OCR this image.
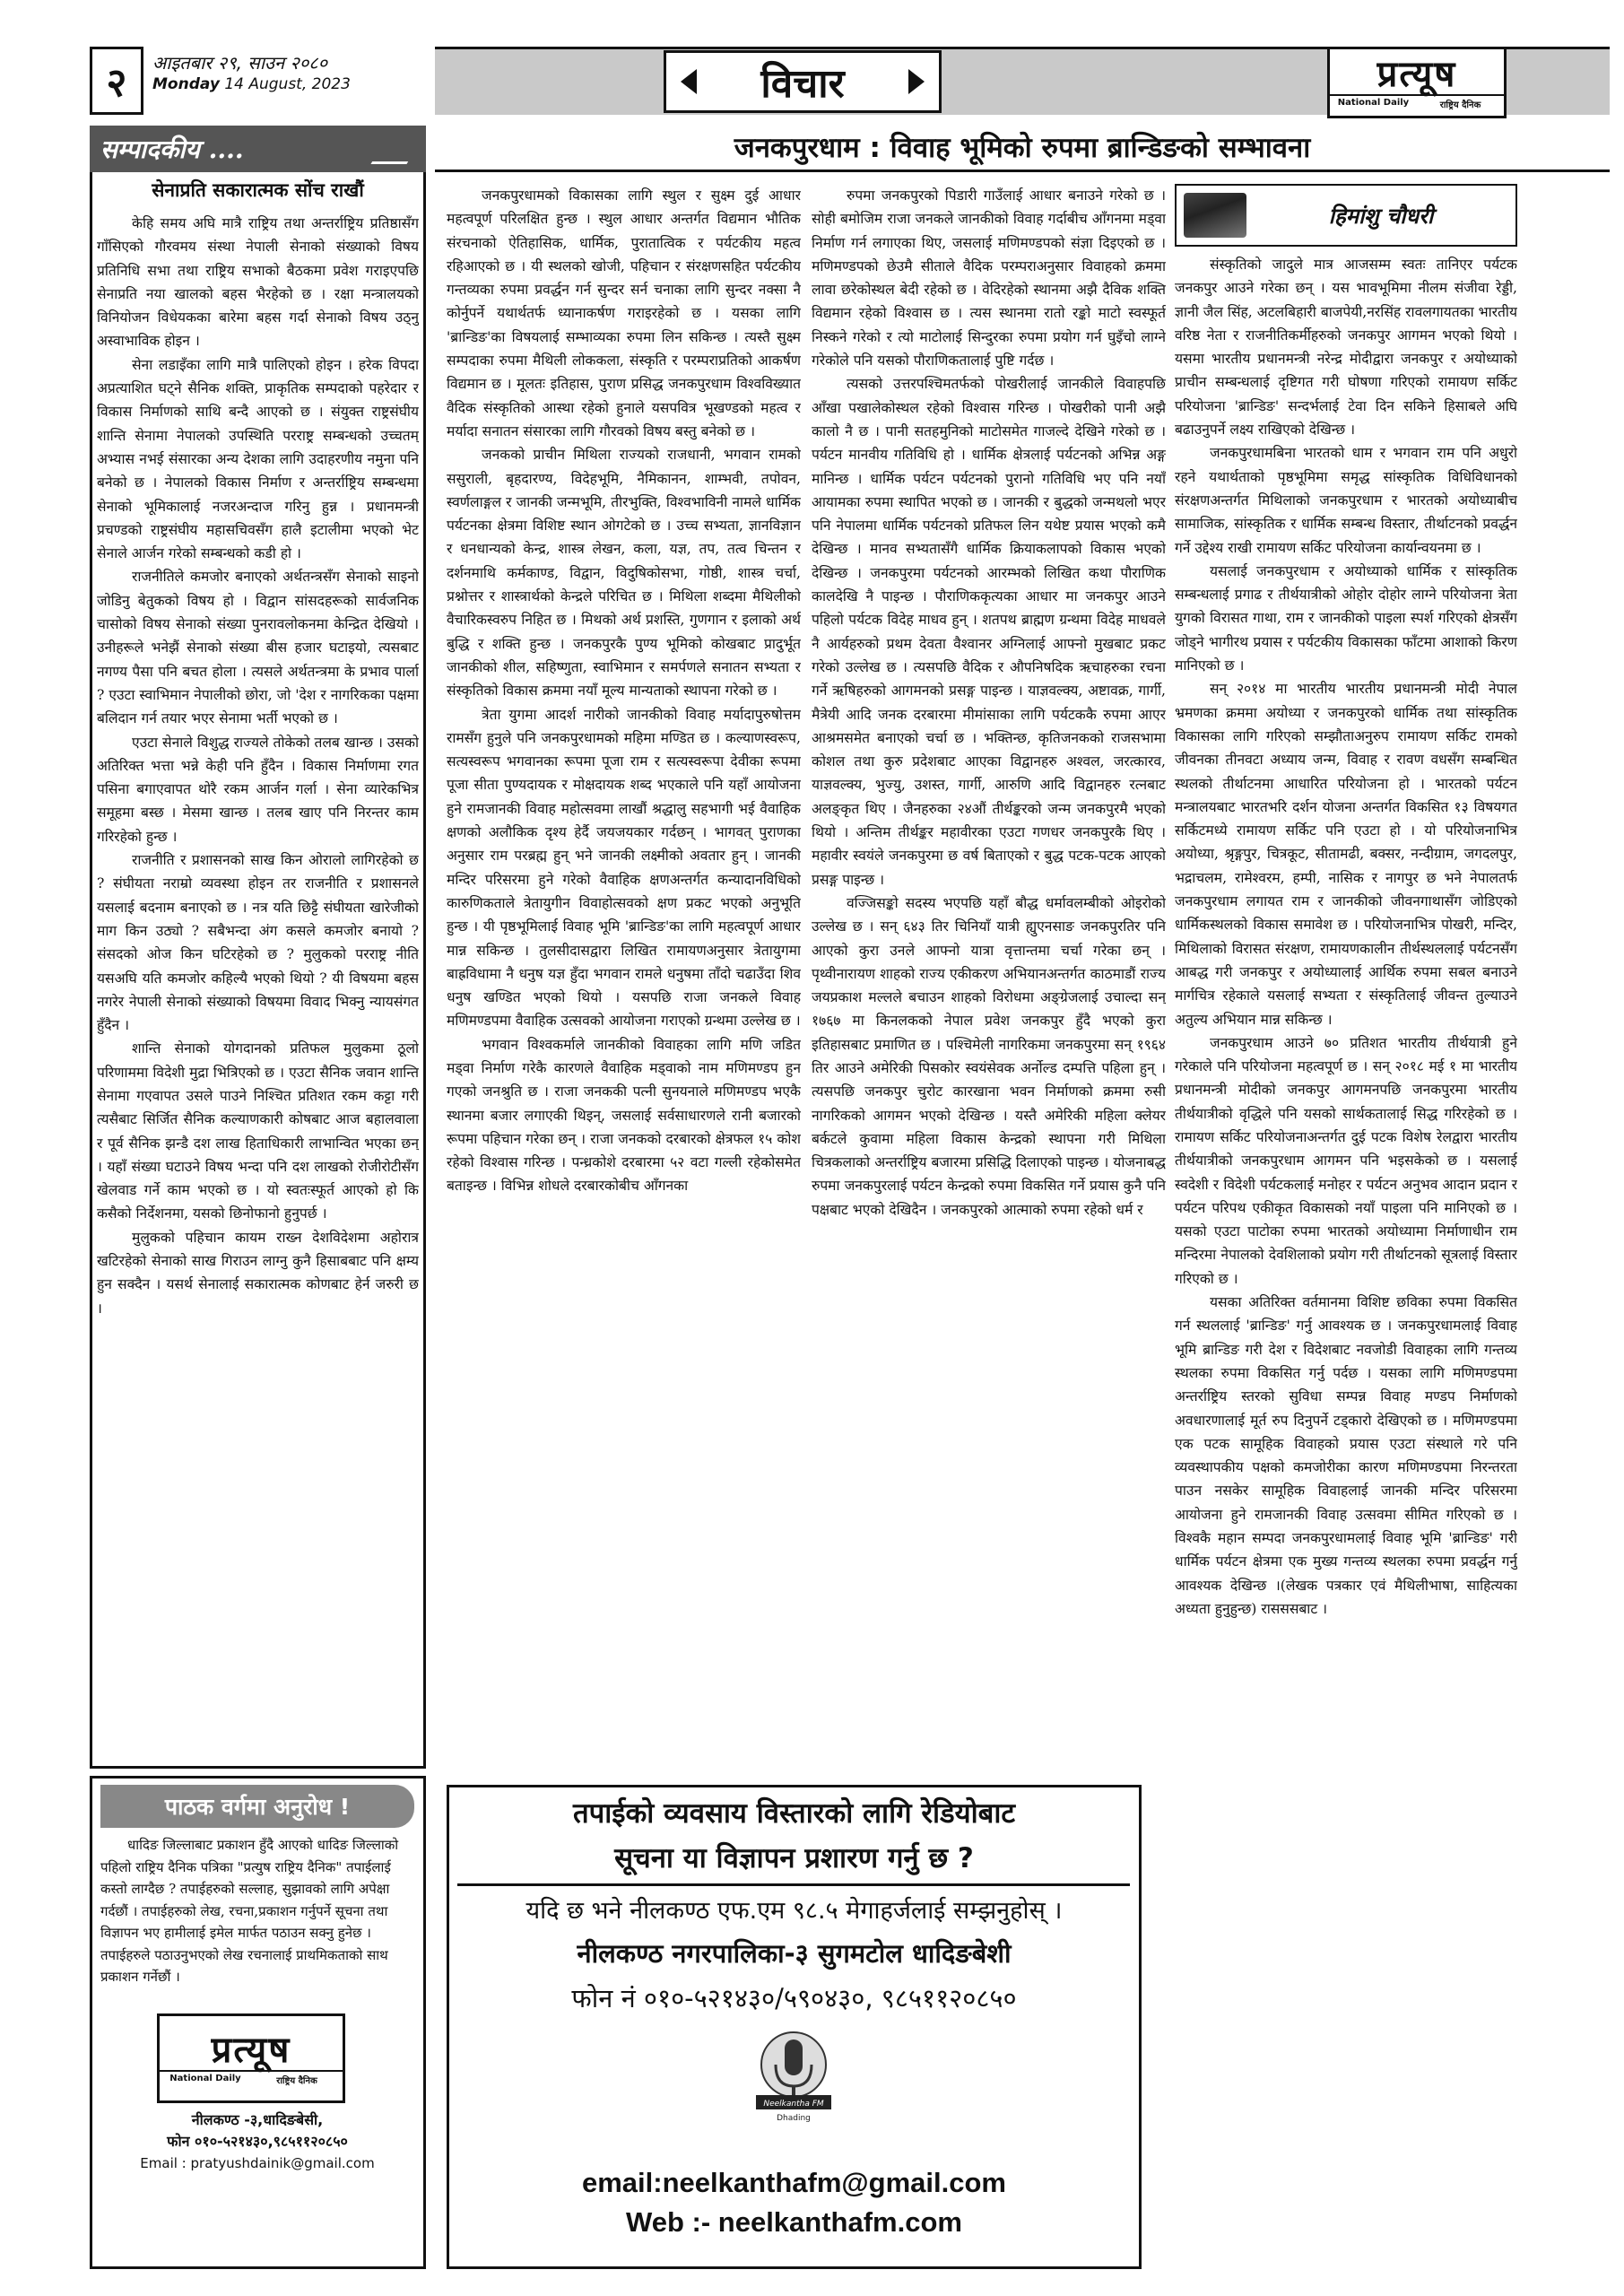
२	आइतबार २९, साउन २०८०
Monday 14 August, 2023	विचार	प्रत्यूष
National Daily	राष्ट्रिय दैनिक
सम्पादकीय ....
सेनाप्रति सकारात्मक सोंच राखौं

केहि समय अघि मात्रै राष्ट्रिय तथा अन्तर्राष्ट्रिय प्रतिष्ठासँग गाँसिएको गौरवमय संस्था नेपाली सेनाको संख्याको विषय प्रतिनिधि सभा तथा राष्ट्रिय सभाको बैठकमा प्रवेश गराइएपछि सेनाप्रति नया खालको बहस भैरहेको छ । रक्षा मन्त्रालयको विनियोजन विधेयकका बारेमा बहस गर्दा सेनाको विषय उठ्नु अस्वाभाविक होइन ।

सेना लडाइँका लागि मात्रै पालिएको होइन । हरेक विपदा अप्रत्याशित घट्ने सैनिक शक्ति, प्राकृतिक सम्पदाको पहरेदार र विकास निर्माणको साथि बन्दै आएको छ । संयुक्त राष्ट्रसंघीय शान्ति सेनामा नेपालको उपस्थिति परराष्ट्र सम्बन्धको उच्चतम् अभ्यास नभई संसारका अन्य देशका लागि उदाहरणीय नमुना पनि बनेको छ । नेपालको विकास निर्माण र अन्तर्राष्ट्रिय सम्बन्धमा सेनाको भूमिकालाई नजरअन्दाज गरिनु हुन्न । प्रधानमन्त्री प्रचण्डको राष्ट्रसंघीय महासचिवसँग हालै इटालीमा भएको भेट सेनाले आर्जन गरेको सम्बन्धको कडी हो ।

राजनीतिले कमजोर बनाएको अर्थतन्त्रसँग सेनाको साइनो जोडिनु बेतुकको विषय हो । विद्वान सांसदहरूको सार्वजनिक चासोको विषय सेनाको संख्या पुनरावलोकनमा केन्द्रित देखियो । उनीहरूले भनेझैं सेनाको संख्या बीस हजार घटाइयो, त्यसबाट नगण्य पैसा पनि बचत होला । त्यसले अर्थतन्त्रमा के प्रभाव पार्ला ? एउटा स्वाभिमान नेपालीको छोरा, जो 'देश र नागरिकका पक्षमा बलिदान गर्न तयार भएर सेनामा भर्ती भएको छ ।

एउटा सेनाले विशुद्ध राज्यले तोकेको तलब खान्छ । उसको अतिरिक्त भत्ता भन्ने केही पनि हुँदैन । विकास निर्माणमा रगत पसिना बगाएवापत थोरै रकम आर्जन गर्ला । सेना व्यारेकभित्र समूहमा बस्छ । मेसमा खान्छ । तलब खाए पनि निरन्तर काम गरिरहेको हुन्छ ।

राजनीति र प्रशासनको साख किन ओरालो लागिरहेको छ ? संघीयता नराम्रो व्यवस्था होइन तर राजनीति र प्रशासनले यसलाई बदनाम बनाएको छ । नत्र यति छिट्टै संघीयता खारेजीको माग किन उठ्यो ? सबैभन्दा अंग कसले कमजोर बनायो ? संसदको ओज किन घटिरहेको छ ? मुलुकको परराष्ट्र नीति यसअघि यति कमजोर कहिल्यै भएको थियो ? यी विषयमा बहस नगरेर नेपाली सेनाको संख्याको विषयमा विवाद भिक्नु न्यायसंगत हुँदैन ।

शान्ति सेनाको योगदानको प्रतिफल मुलुकमा ठूलो परिणाममा विदेशी मुद्रा भित्रिएको छ । एउटा सैनिक जवान शान्ति सेनामा गएवापत उसले पाउने निश्चित प्रतिशत रकम कट्टा गरी त्यसैबाट सिर्जित सैनिक कल्याणकारी कोषबाट आज बहालवाला र पूर्व सैनिक झन्डै दश लाख हिताधिकारी लाभान्वित भएका छन् । यहाँ संख्या घटाउने विषय भन्दा पनि दश लाखको रोजीरोटीसँग खेलवाड गर्ने काम भएको छ । यो स्वतःस्फूर्त आएको हो कि कसैको निर्देशनमा, यसको छिनोफानो हुनुपर्छ ।

मुलुकको पहिचान कायम राख्न देशविदेशमा अहोरात्र खटिरहेको सेनाको साख गिराउन लाग्नु कुनै हिसाबबाट पनि क्षम्य हुन सक्दैन । यसर्थ सेनालाई सकारात्मक कोणबाट हेर्न जरुरी छ ।

पाठक वर्गमा अनुरोध !

धादिङ जिल्लाबाट प्रकाशन हुँदै आएको धादिङ जिल्लाको पहिलो राष्ट्रिय दैनिक पत्रिका "प्रत्युष राष्ट्रिय दैनिक" तपाईलाई कस्तो लाग्दैछ ? तपाईहरुको सल्लाह, सुझावको लागि अपेक्षा गर्दछौं । तपाईहरुको लेख, रचना,प्रकाशन गर्नुपर्ने सूचना तथा विज्ञापन भए हामीलाई इमेल मार्फत पठाउन सक्नु हुनेछ । तपाईहरुले पठाउनुभएको लेख रचनालाई प्राथमिकताको साथ प्रकाशन गर्नेछौं ।

प्रत्यूष
National Daily	राष्ट्रिय दैनिक
नीलकण्ठ -३,धादिङबेसी,
फोन ०१०-५२१४३०,९८५११२०८५०
Email : pratyushdainik@gmail.com
जनकपुरधाम : विवाह भूमिको रुपमा ब्रान्डिङको सम्भावना

जनकपुरधामको विकासका लागि स्थुल र सुक्ष्म दुई आधार महत्वपूर्ण परिलक्षित हुन्छ । स्थुल आधार अन्तर्गत विद्यमान भौतिक संरचनाको ऐतिहासिक, धार्मिक, पुरातात्विक र पर्यटकीय महत्व रहिआएको छ । यी स्थलको खोजी, पहिचान र संरक्षणसहित पर्यटकीय गन्तव्यका रुपमा प्रवर्द्धन गर्न सुन्दर सर्न चनाका लागि सुन्दर नक्सा नै कोर्नुपर्ने यथार्थतर्फ ध्यानाकर्षण गराइरहेको छ । यसका लागि 'ब्रान्डिङ'का विषयलाई सम्भाव्यका रुपमा लिन सकिन्छ । त्यस्तै सुक्ष्म सम्पदाका रुपमा मैथिली लोककला, संस्कृति र परम्पराप्रतिको आकर्षण विद्यमान छ । मूलतः इतिहास, पुराण प्रसिद्ध जनकपुरधाम विश्वविख्यात वैदिक संस्कृतिको आस्था रहेको हुनाले यसपवित्र भूखण्डको महत्व र मर्यादा सनातन संसारका लागि गौरवको विषय बस्तु बनेको छ ।

जनकको प्राचीन मिथिला राज्यको राजधानी, भगवान रामको ससुराली, बृहदारण्य, विदेहभूमि, नैमिकानन, शाम्भवी, तपोवन, स्वर्णलाङ्गल र जानकी जन्मभूमि, तीरभुक्ति, विश्वभाविनी नामले धार्मिक पर्यटनका क्षेत्रमा विशिष्ट स्थान ओगटेको छ । उच्च सभ्यता, ज्ञानविज्ञान र धनधान्यको केन्द्र, शास्त्र लेखन, कला, यज्ञ, तप, तत्व चिन्तन र दर्शनमाथि कर्मकाण्ड, विद्वान, विदुषिकोसभा, गोष्ठी, शास्त्र चर्चा, प्रश्नोत्तर र शास्त्रार्थको केन्द्रले परिचित छ । मिथिला शब्दमा मैथिलीको वैचारिकस्वरुप निहित छ । मिथको अर्थ प्रशस्ति, गुणगान र इलाको अर्थ बुद्धि र शक्ति हुन्छ । जनकपुरकै पुण्य भूमिको कोखबाट प्रादुर्भूत जानकीको शील, सहिष्णुता, स्वाभिमान र समर्पणले सनातन सभ्यता र संस्कृतिको विकास क्रममा नयाँ मूल्य मान्यताको स्थापना गरेको छ ।

त्रेता युगमा आदर्श नारीको जानकीको विवाह मर्यादापुरुषोत्तम रामसँग हुनुले पनि जनकपुरधामको महिमा मण्डित छ । कल्याणस्वरूप, सत्यस्वरूप भगवानका रूपमा पूजा राम र सत्यस्वरूपा देवीका रूपमा पूजा सीता पुण्यदायक र मोक्षदायक शब्द भएकाले पनि यहाँ आयोजना हुने रामजानकी विवाह महोत्सवमा लाखौं श्रद्धालु सहभागी भई वैवाहिक क्षणको अलौकिक दृश्य हेर्दै जयजयकार गर्दछन् । भागवत् पुराणका अनुसार राम परब्रह्म हुन् भने जानकी लक्ष्मीको अवतार हुन् । जानकी मन्दिर परिसरमा हुने गरेको वैवाहिक क्षणअन्तर्गत कन्यादानविधिको कारुणिकताले त्रेतायुगीन विवाहोत्सवको क्षण प्रकट भएको अनुभूति हुन्छ । यी पृष्ठभूमिलाई विवाह भूमि 'ब्रान्डिङ'का लागि महत्वपूर्ण आधार मान्न सकिन्छ । तुलसीदासद्वारा लिखित रामायणअनुसार त्रेतायुगमा बाह्रविधामा नै धनुष यज्ञ हुँदा भगवान रामले धनुषमा ताँदो चढाउँदा शिव धनुष खण्डित भएको थियो । यसपछि राजा जनकले विवाह मणिमण्डपमा वैवाहिक उत्सवको आयोजना गराएको ग्रन्थमा उल्लेख छ ।

भगवान विश्वकर्माले जानकीको विवाहका लागि मणि जडित मड्वा निर्माण गरेकै कारणले वैवाहिक मड्वाको नाम मणिमण्डप हुन गएको जनश्रुति छ । राजा जनककी पत्नी सुनयनाले मणिमण्डप भएकै स्थानमा बजार लगाएकी थिइन्, जसलाई सर्वसाधारणले रानी बजारको रूपमा पहिचान गरेका छन् । राजा जनकको दरबारको क्षेत्रफल १५ कोश रहेको विश्वास गरिन्छ । पन्ध्रकोशे दरबारमा ५२ वटा गल्ली रहेकोसमेत बताइन्छ । विभिन्न शोधले दरबारकोबीच आँगनका

रुपमा जनकपुरको पिडारी गाउँलाई आधार बनाउने गरेको छ । सोही बमोजिम राजा जनकले जानकीको विवाह गर्दाबीच आँगनमा मड्वा निर्माण गर्न लगाएका थिए, जसलाई मणिमण्डपको संज्ञा दिइएको छ । मणिमण्डपको छेउमै सीताले वैदिक परम्पराअनुसार विवाहको क्रममा लावा छरेकोस्थल बेदी रहेको छ । वेदिरहेको स्थानमा अझै दैविक शक्ति विद्यमान रहेको विश्वास छ । त्यस स्थानमा रातो रङ्को माटो स्वस्फूर्त निस्कने गरेको र त्यो माटोलाई सिन्दुरका रुपमा प्रयोग गर्न घुइँचो लाग्ने गरेकोले पनि यसको पौराणिकतालाई पुष्टि गर्दछ ।

त्यसको उत्तरपश्चिमतर्फको पोखरीलाई जानकीले विवाहपछि आँखा पखालेकोस्थल रहेको विश्वास गरिन्छ । पोखरीको पानी अझै कालो नै छ । पानी सतहमुनिको माटोसमेत गाजल्दे देखिने गरेको छ । पर्यटन मानवीय गतिविधि हो । धार्मिक क्षेत्रलाई पर्यटनको अभिन्न अङ्ग मानिन्छ । धार्मिक पर्यटन पर्यटनको पुरानो गतिविधि भए पनि नयाँ आयामका रुपमा स्थापित भएको छ । जानकी र बुद्धको जन्मथलो भएर पनि नेपालमा धार्मिक पर्यटनको प्रतिफल लिन यथेष्ट प्रयास भएको कमै देखिन्छ । मानव सभ्यतासँगै धार्मिक क्रियाकलापको विकास भएको देखिन्छ । जनकपुरमा पर्यटनको आरम्भको लिखित कथा पौराणिक कालदेखि नै पाइन्छ । पौराणिककृत्यका आधार मा जनकपुर आउने पहिलो पर्यटक विदेह माधव हुन् । शतपथ ब्राह्मण ग्रन्थमा विदेह माधवले नै आर्यहरुको प्रथम देवता वैश्वानर अग्निलाई आफ्नो मुखबाट प्रकट गरेको उल्लेख छ । त्यसपछि वैदिक र औपनिषदिक ऋचाहरुका रचना गर्ने ऋषिहरुको आगमनको प्रसङ्ग पाइन्छ । याज्ञवल्क्य, अष्टावक्र, गार्गी, मैत्रेयी आदि जनक दरबारमा मीमांसाका लागि पर्यटककै रुपमा आएर आश्रमसमेत बनाएको चर्चा छ । भक्तिन्छ, कृतिजनकको राजसभामा कोशल तथा कुरु प्रदेशबाट आएका विद्वानहरु अश्वल, जरत्कारव, याज्ञवल्क्य, भुज्यु, उशस्त, गार्गी, आरुणि आदि विद्वानहरु रत्नबाट अलङ्कृत थिए । जैनहरुका २४औं तीर्थङ्करको जन्म जनकपुरमै भएको थियो । अन्तिम तीर्थङ्कर महावीरका एउटा गणधर जनकपुरकै थिए । महावीर स्वयंले जनकपुरमा छ वर्ष बिताएको र बुद्ध पटक-पटक आएको प्रसङ्ग पाइन्छ ।

वज्जिसङ्को सदस्य भएपछि यहाँ बौद्ध धर्मावलम्बीको ओइरोको उल्लेख छ । सन् ६४३ तिर चिनियाँ यात्री ह्युएनसाङ जनकपुरतिर पनि आएको कुरा उनले आफ्नो यात्रा वृत्तान्तमा चर्चा गरेका छन् । पृथ्वीनारायण शाहको राज्य एकीकरण अभियानअन्तर्गत काठमाडौं राज्य जयप्रकाश मल्लले बचाउन शाहको विरोधमा अङ्ग्रेजलाई उचाल्दा सन् १७६७ मा किनलकको नेपाल प्रवेश जनकपुर हुँदै भएको कुरा इतिहासबाट प्रमाणित छ । पश्चिमेली नागरिकमा जनकपुरमा सन् १९६४ तिर आउने अमेरिकी पिसकोर स्वयंसेवक अर्नोल्ड दम्पत्ति पहिला हुन् । त्यसपछि जनकपुर चुरोट कारखाना भवन निर्माणको क्रममा रुसी नागरिकको आगमन भएको देखिन्छ । यस्तै अमेरिकी महिला क्लेयर बर्कटले कुवामा महिला विकास केन्द्रको स्थापना गरी मिथिला चित्रकलाको अन्तर्राष्ट्रिय बजारमा प्रसिद्धि दिलाएको पाइन्छ । योजनाबद्ध रुपमा जनकपुरलाई पर्यटन केन्द्रको रुपमा विकसित गर्ने प्रयास कुनै पनि पक्षबाट भएको देखिदैन । जनकपुरको आत्माको रुपमा रहेको धर्म र

हिमांशु चौधरी

संस्कृतिको जादुले मात्र आजसम्म स्वतः तानिएर पर्यटक जनकपुर आउने गरेका छन् । यस भावभूमिमा नीलम संजीवा रेड्डी, ज्ञानी जैल सिंह, अटलबिहारी बाजपेयी,नरसिंह रावलगायतका भारतीय वरिष्ठ नेता र राजनीतिकर्मीहरुको जनकपुर आगमन भएको थियो । यसमा भारतीय प्रधानमन्त्री नरेन्द्र मोदीद्वारा जनकपुर र अयोध्याको प्राचीन सम्बन्धलाई दृष्टिगत गरी घोषणा गरिएको रामायण सर्किट परियोजना 'ब्रान्डिङ' सन्दर्भलाई टेवा दिन सकिने हिसाबले अघि बढाउनुपर्ने लक्ष्य राखिएको देखिन्छ ।

जनकपुरधामबिना भारतको धाम र भगवान राम पनि अधुरो रहने यथार्थताको पृष्ठभूमिमा समृद्ध सांस्कृतिक विधिविधानको संरक्षणअन्तर्गत मिथिलाको जनकपुरधाम र भारतको अयोध्याबीच सामाजिक, सांस्कृतिक र धार्मिक सम्बन्ध विस्तार, तीर्थाटनको प्रवर्द्धन गर्ने उद्देश्य राखी रामायण सर्किट परियोजना कार्यान्वयनमा छ ।

यसलाई जनकपुरधाम र अयोध्याको धार्मिक र सांस्कृतिक सम्बन्धलाई प्रगाढ र तीर्थयात्रीको ओहोर दोहोर लाग्ने परियोजना त्रेता युगको विरासत गाथा, राम र जानकीको पाइला स्पर्श गरिएको क्षेत्रसँग जोड्ने भागीरथ प्रयास र पर्यटकीय विकासका फाँटमा आशाको किरण मानिएको छ ।

सन् २०१४ मा भारतीय भारतीय प्रधानमन्त्री मोदी नेपाल भ्रमणका क्रममा अयोध्या र जनकपुरको धार्मिक तथा सांस्कृतिक विकासका लागि गरिएको सम्झौताअनुरुप रामायण सर्किट रामको जीवनका तीनवटा अध्याय जन्म, विवाह र रावण वधसँग सम्बन्धित स्थलको तीर्थाटनमा आधारित परियोजना हो । भारतको पर्यटन मन्त्रालयबाट भारतभरि दर्शन योजना अन्तर्गत विकसित १३ विषयगत सर्किटमध्ये रामायण सर्किट पनि एउटा हो । यो परियोजनाभित्र अयोध्या, श्रृङ्गपुर, चित्रकूट, सीतामढी, बक्सर, नन्दीग्राम, जगदलपुर, भद्राचलम, रामेश्वरम, हम्पी, नासिक र नागपुर छ भने नेपालतर्फ जनकपुरधाम लगायत राम र जानकीको जीवनगाथासँग जोडिएको धार्मिकस्थलको विकास समावेश छ । परियोजनाभित्र पोखरी, मन्दिर, मिथिलाको विरासत संरक्षण, रामायणकालीन तीर्थस्थललाई पर्यटनसँग आबद्ध गरी जनकपुर र अयोध्यालाई आर्थिक रुपमा सबल बनाउने मार्गचित्र रहेकाले यसलाई सभ्यता र संस्कृतिलाई जीवन्त तुल्याउने अतुल्य अभियान मान्न सकिन्छ ।

जनकपुरधाम आउने ७० प्रतिशत भारतीय तीर्थयात्री हुने गरेकाले पनि परियोजना महत्वपूर्ण छ । सन् २०१८ मई १ मा भारतीय प्रधानमन्त्री मोदीको जनकपुर आगमनपछि जनकपुरमा भारतीय तीर्थयात्रीको वृद्धिले पनि यसको सार्थकतालाई सिद्ध गरिरहेको छ । रामायण सर्किट परियोजनाअन्तर्गत दुई पटक विशेष रेलद्वारा भारतीय तीर्थयात्रीको जनकपुरधाम आगमन पनि भइसकेको छ । यसलाई स्वदेशी र विदेशी पर्यटकलाई मनोहर र पर्यटन अनुभव आदान प्रदान र पर्यटन परिपथ एकीकृत विकासको नयाँ पाइला पनि मानिएको छ । यसको एउटा पाटोका रुपमा भारतको अयोध्यामा निर्माणाधीन राम मन्दिरमा नेपालको देवशिलाको प्रयोग गरी तीर्थाटनको सूत्रलाई विस्तार गरिएको छ ।

यसका अतिरिक्त वर्तमानमा विशिष्ट छविका रुपमा विकसित गर्न स्थललाई 'ब्रान्डिङ' गर्नु आवश्यक छ । जनकपुरधामलाई विवाह भूमि ब्रान्डिङ गरी देश र विदेशबाट नवजोडी विवाहका लागि गन्तव्य स्थलका रुपमा विकसित गर्नु पर्दछ । यसका लागि मणिमण्डपमा अन्तर्राष्ट्रिय स्तरको सुविधा सम्पन्न विवाह मण्डप निर्माणको अवधारणालाई मूर्त रुप दिनुपर्ने टड्कारो देखिएको छ । मणिमण्डपमा एक पटक सामूहिक विवाहको प्रयास एउटा संस्थाले गरे पनि व्यवस्थापकीय पक्षको कमजोरीका कारण मणिमण्डपमा निरन्तरता पाउन नसकेर सामूहिक विवाहलाई जानकी मन्दिर परिसरमा आयोजना हुने रामजानकी विवाह उत्सवमा सीमित गरिएको छ । विश्वकै महान सम्पदा जनकपुरधामलाई विवाह भूमि 'ब्रान्डिङ' गरी धार्मिक पर्यटन क्षेत्रमा एक मुख्य गन्तव्य स्थलका रुपमा प्रवर्द्धन गर्नु आवश्यक देखिन्छ ।(लेखक पत्रकार एवं मैथिलीभाषा, साहित्यका अध्यता हुनुहुन्छ) रासससबाट ।

तपाईको व्यवसाय विस्तारको लागि रेडियोबाट
सूचना या विज्ञापन प्रशारण गर्नु छ ?
यदि छ भने नीलकण्ठ एफ.एम ९८.५ मेगाहर्जलाई सम्झनुहोस् ।
नीलकण्ठ नगरपालिका-३ सुगमटोल धादिङबेशी
फोन नं ०१०-५२१४३०/५९०४३०, ९८५११२०८५०
Neelkantha FM
Dhading
email:neelkanthafm@gmail.com
Web :- neelkanthafm.com
